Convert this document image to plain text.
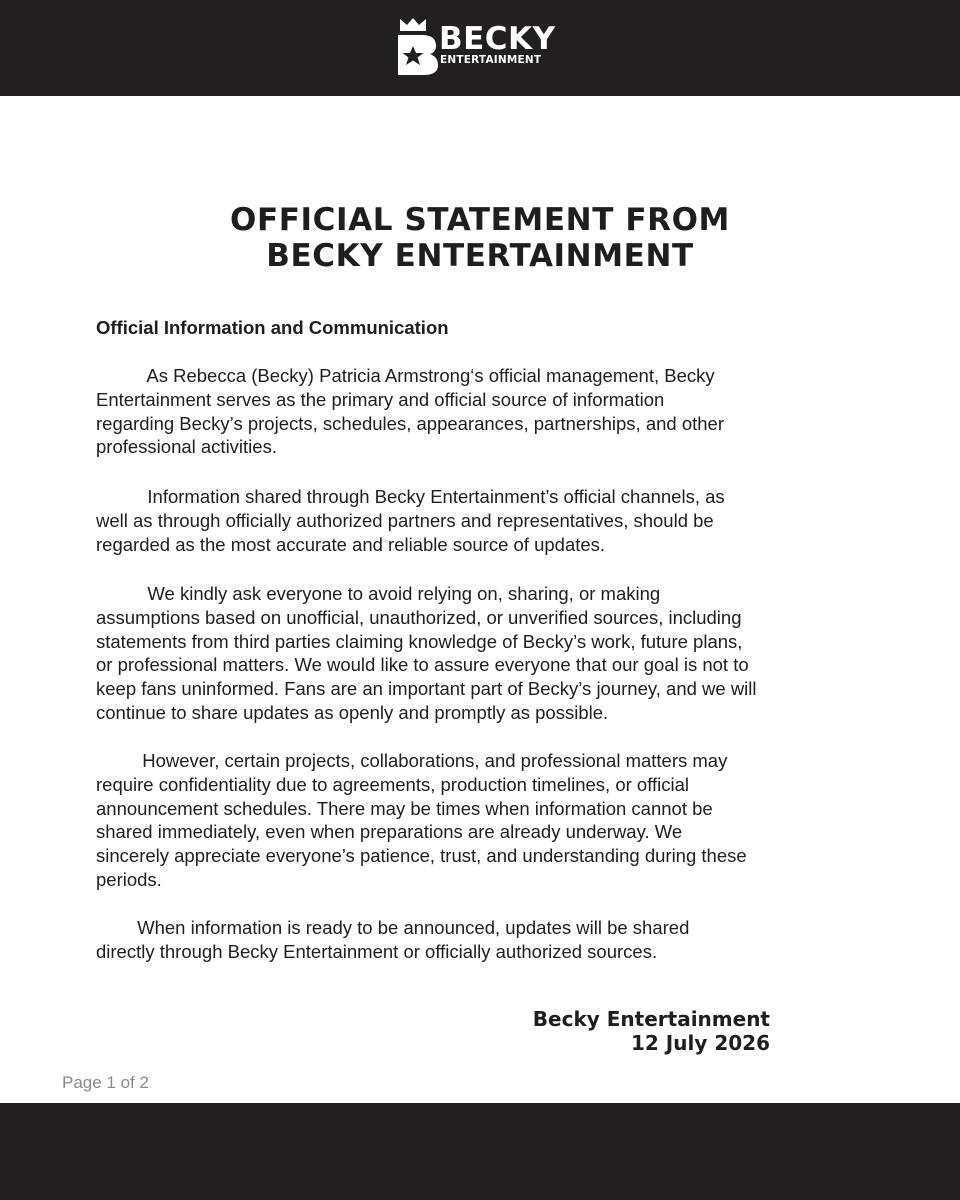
BECKY
ENTERTAINMENT
OFFICIAL STATEMENT FROM
BECKY ENTERTAINMENT
Official Information and Communication

As Rebecca (Becky) Patricia Armstrong‘s official management, Becky
Entertainment serves as the primary and official source of information
regarding Becky’s projects, schedules, appearances, partnerships, and other
professional activities.

Information shared through Becky Entertainment’s official channels, as
well as through officially authorized partners and representatives, should be
regarded as the most accurate and reliable source of updates.

We kindly ask everyone to avoid relying on, sharing, or making
assumptions based on unofficial, unauthorized, or unverified sources, including
statements from third parties claiming knowledge of Becky’s work, future plans,
or professional matters. We would like to assure everyone that our goal is not to
keep fans uninformed. Fans are an important part of Becky’s journey, and we will
continue to share updates as openly and promptly as possible.

However, certain projects, collaborations, and professional matters may
require confidentiality due to agreements, production timelines, or official
announcement schedules. There may be times when information cannot be
shared immediately, even when preparations are already underway. We
sincerely appreciate everyone’s patience, trust, and understanding during these
periods.

When information is ready to be announced, updates will be shared
directly through Becky Entertainment or officially authorized sources.

Becky Entertainment
12 July 2026
Page 1 of 2
